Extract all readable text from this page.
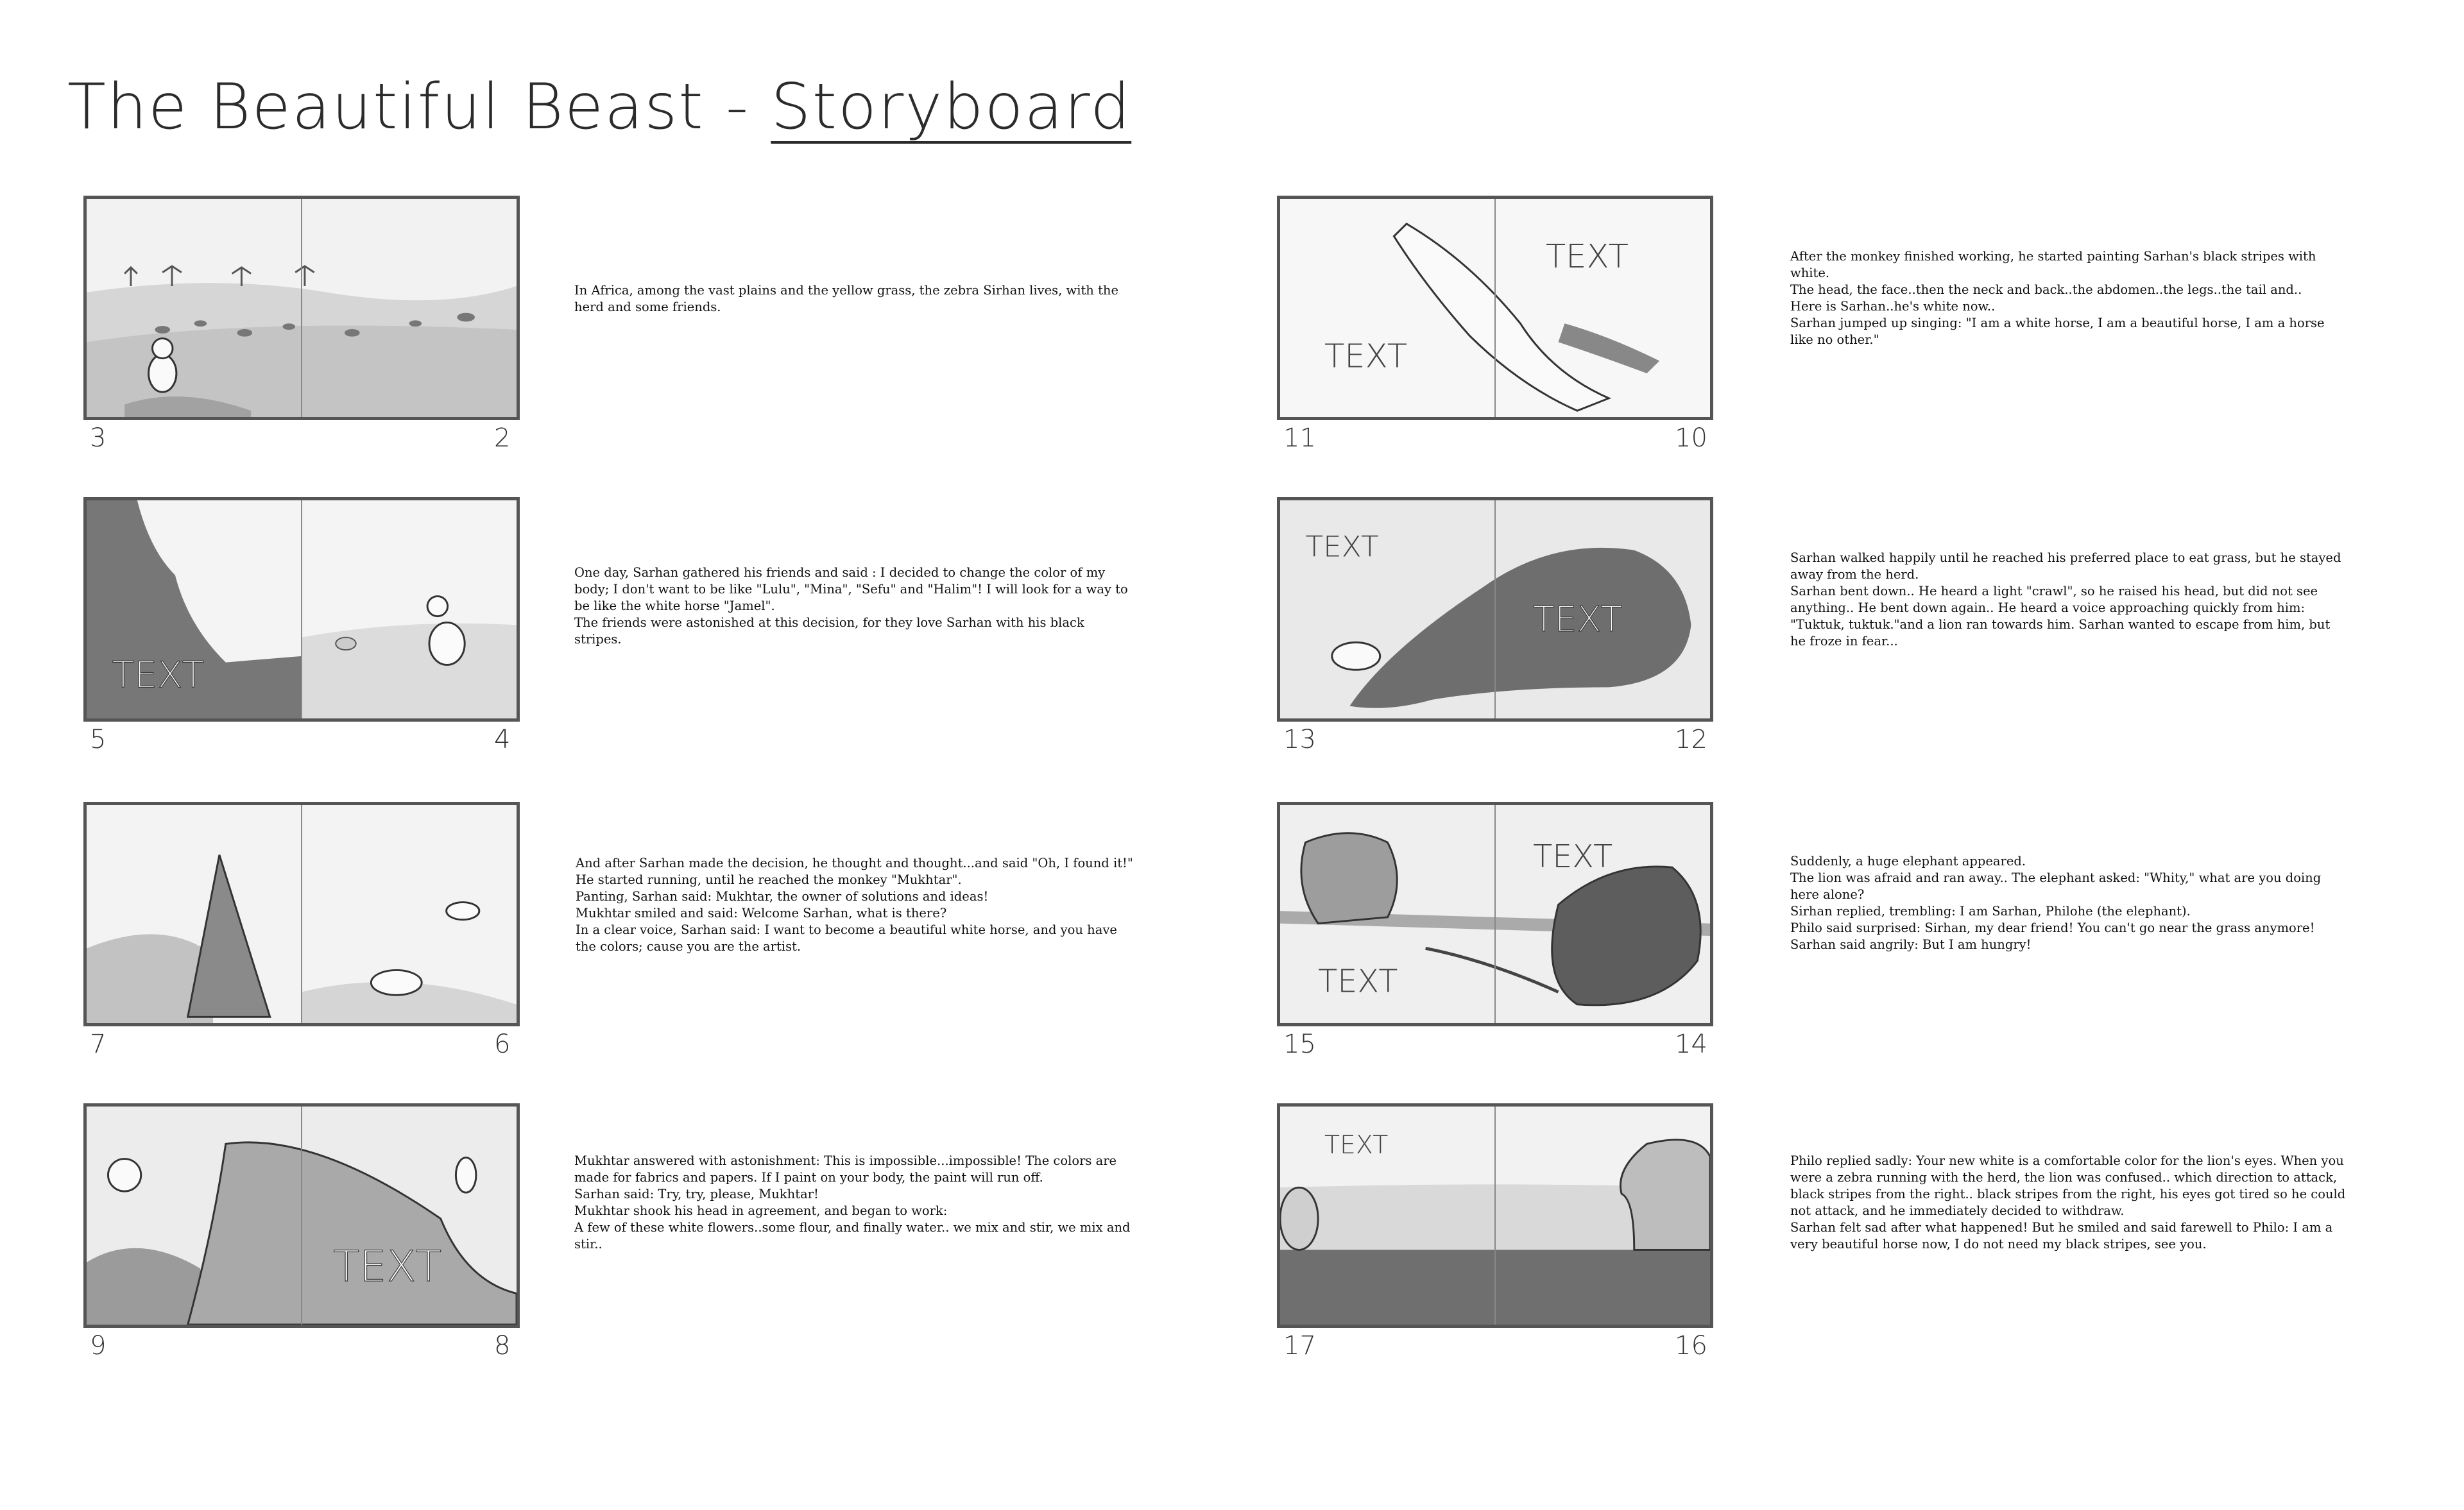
The Beautiful Beast - Storyboard
3	2

In Africa, among the vast plains and the yellow grass, the zebra Sirhan lives, with the herd and some friends.

TEXT
5	4

One day, Sarhan gathered his friends and said : I decided to change the color of my body; I don't want to be like "Lulu", "Mina", "Sefu" and "Halim"! I will look for a way to be like the white horse "Jamel".
The friends were astonished at this decision, for they love Sarhan with his black stripes.

7	6

And after Sarhan made the decision, he thought and thought...and said "Oh, I found it!"
He started running, until he reached the monkey "Mukhtar".
Panting, Sarhan said: Mukhtar, the owner of solutions and ideas!
Mukhtar smiled and said: Welcome Sarhan, what is there?
In a clear voice, Sarhan said: I want to become a beautiful white horse, and you have the colors; cause you are the artist.

TEXT
9	8

Mukhtar answered with astonishment: This is impossible...impossible! The colors are made for fabrics and papers. If I paint on your body, the paint will run off.
Sarhan said: Try, try, please, Mukhtar!
Mukhtar shook his head in agreement, and began to work:
A few of these white flowers..some flour, and finally water.. we mix and stir, we mix and stir..

TEXT
TEXT
11	10

After the monkey finished working, he started painting Sarhan's black stripes with white.
The head, the face..then the neck and back..the abdomen..the legs..the tail and..
Here is Sarhan..he's white now..
Sarhan jumped up singing: "I am a white horse, I am a beautiful horse, I am a horse like no other."

TEXT
TEXT
13	12

Sarhan walked happily until he reached his preferred place to eat grass, but he stayed away from the herd.
Sarhan bent down.. He heard a light "crawl", so he raised his head, but did not see anything.. He bent down again.. He heard a voice approaching quickly from him: "Tuktuk, tuktuk."and a lion ran towards him. Sarhan wanted to escape from him, but he froze in fear...

TEXT
TEXT
15	14

Suddenly, a huge elephant appeared.
The lion was afraid and ran away.. The elephant asked: "Whity," what are you doing here alone?
Sirhan replied, trembling: I am Sarhan, Philohe (the elephant).
Philo said surprised: Sirhan, my dear friend! You can't go near the grass anymore!
Sarhan said angrily: But I am hungry!

TEXT
17	16

Philo replied sadly: Your new white is a comfortable color for the lion's eyes. When you were a zebra running with the herd, the lion was confused.. which direction to attack, black stripes from the right.. black stripes from the right, his eyes got tired so he could not attack, and he immediately decided to withdraw.
Sarhan felt sad after what happened! But he smiled and said farewell to Philo: I am a very beautiful horse now, I do not need my black stripes, see you.
